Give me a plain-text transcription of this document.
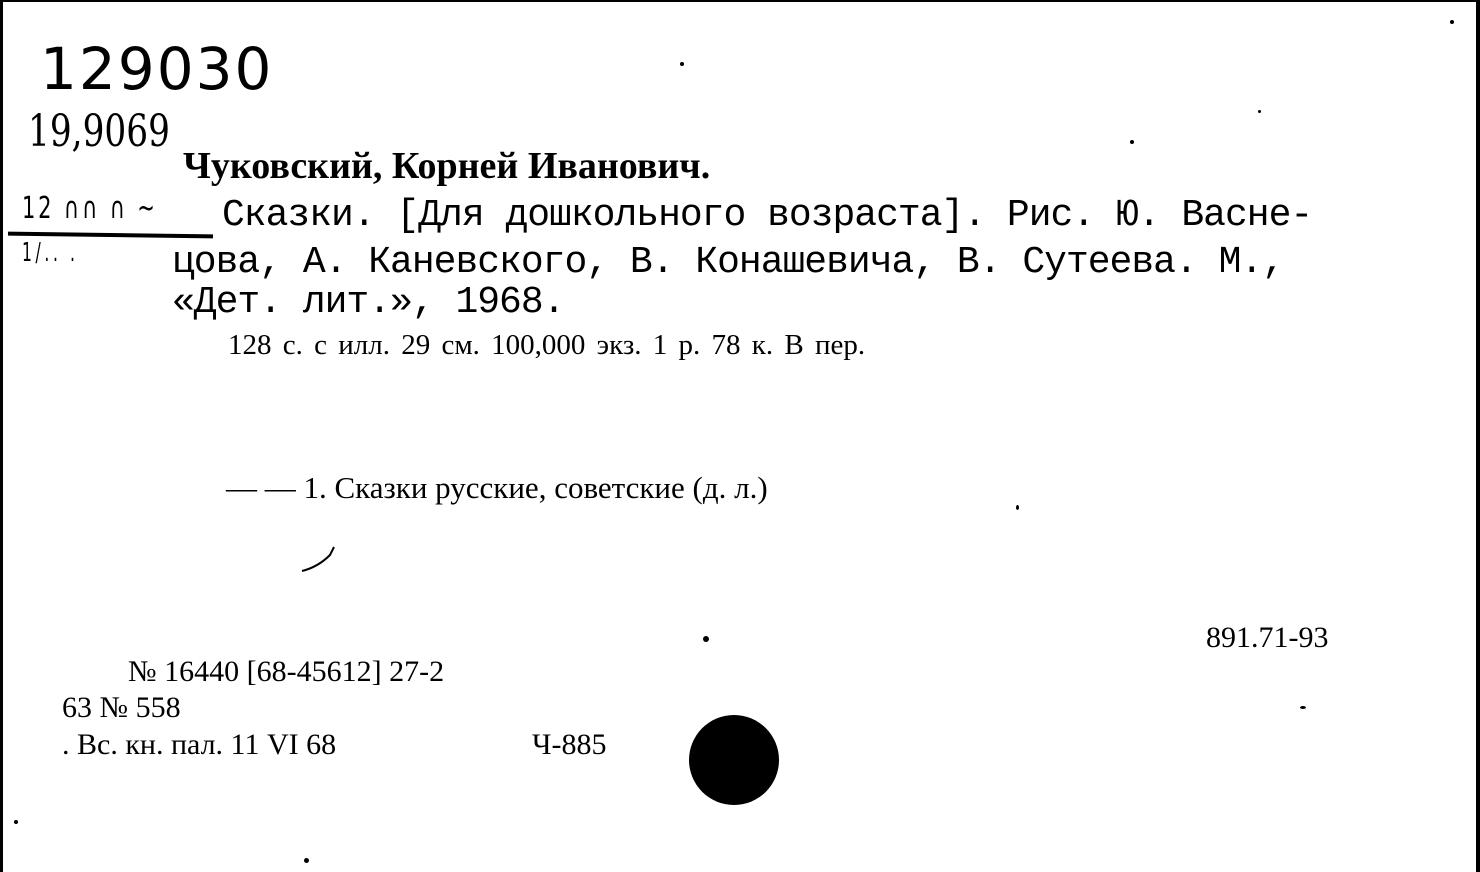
129030
19,9069
12 ∩∩ ∩ ~
1/.. .
Чуковский, Корней Иванович.
Сказки. [Для дошкольного возраста]. Рис. Ю. Васне-
цова, А. Каневского, В. Конашевича, В. Сутеева. М.,
«Дет. лит.», 1968.
128 с. с илл. 29 см. 100,000 экз. 1 р. 78 к. В пер.
— — 1. Сказки русские, советские (д. л.)
891.71-93
№ 16440 [68-45612] 27-2
63 № 558
. Вс. кн. пал. 11 VI 68	Ч-885
